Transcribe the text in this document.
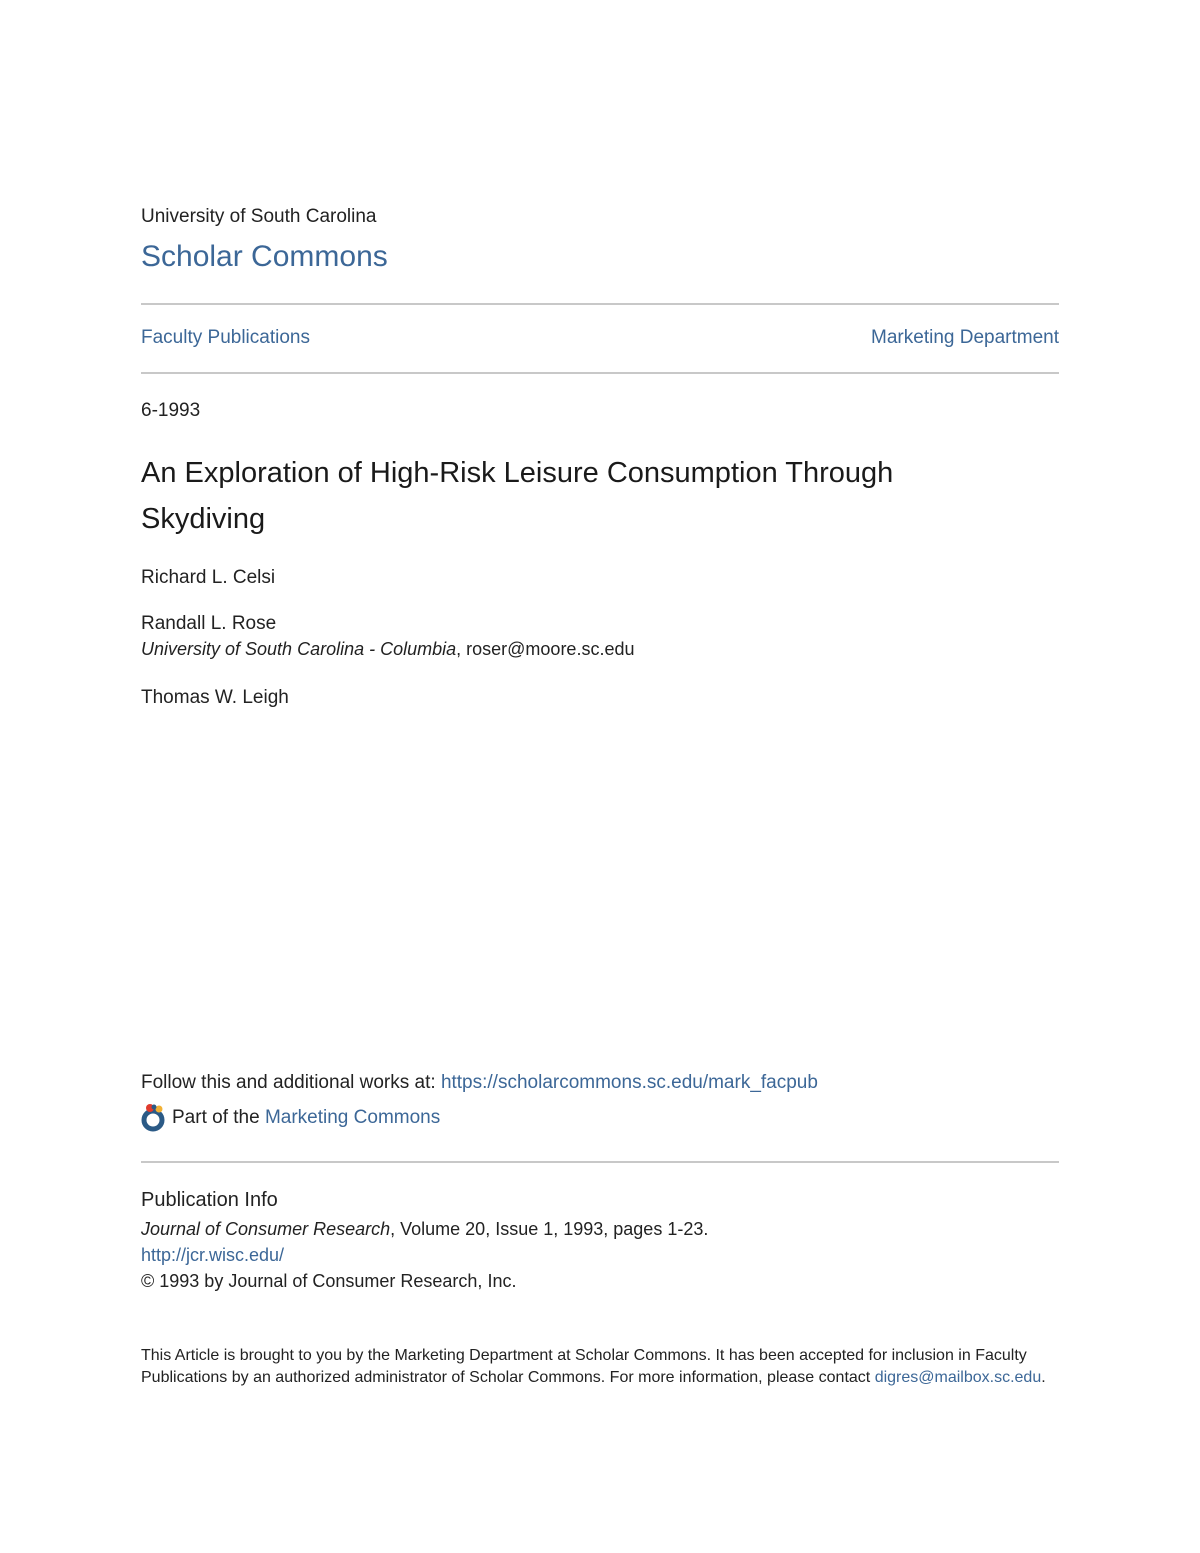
University of South Carolina
Scholar Commons
Faculty Publications	Marketing Department
6-1993
An Exploration of High-Risk Leisure Consumption Through Skydiving
Richard L. Celsi
Randall L. Rose
University of South Carolina - Columbia, roser@moore.sc.edu
Thomas W. Leigh
Follow this and additional works at: https://scholarcommons.sc.edu/mark_facpub
Part of the
Marketing Commons
Publication Info
Journal of Consumer Research, Volume 20, Issue 1, 1993, pages 1-23.
http://jcr.wisc.edu/
© 1993 by Journal of Consumer Research, Inc.
This Article is brought to you by the Marketing Department at Scholar Commons. It has been accepted for inclusion in Faculty Publications by an authorized administrator of Scholar Commons. For more information, please contact digres@mailbox.sc.edu.
